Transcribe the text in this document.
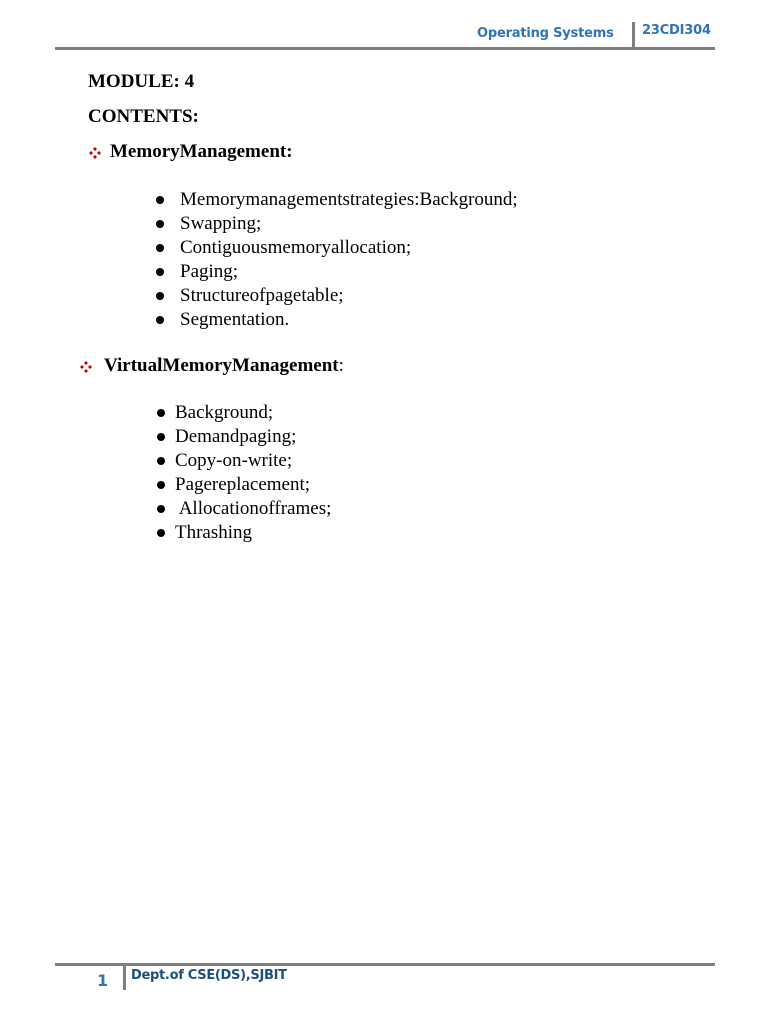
Operating Systems 23CDI304
MODULE: 4
CONTENTS:
MemoryManagement:
Memorymanagementstrategies:Background;
Swapping;
Contiguousmemoryallocation;
Paging;
Structureofpagetable;
Segmentation.
VirtualMemoryManagement:
Background;
Demandpaging;
Copy-on-write;
Pagereplacement;
Allocationofframes;
Thrashing
1 Dept.of CSE(DS),SJBIT
